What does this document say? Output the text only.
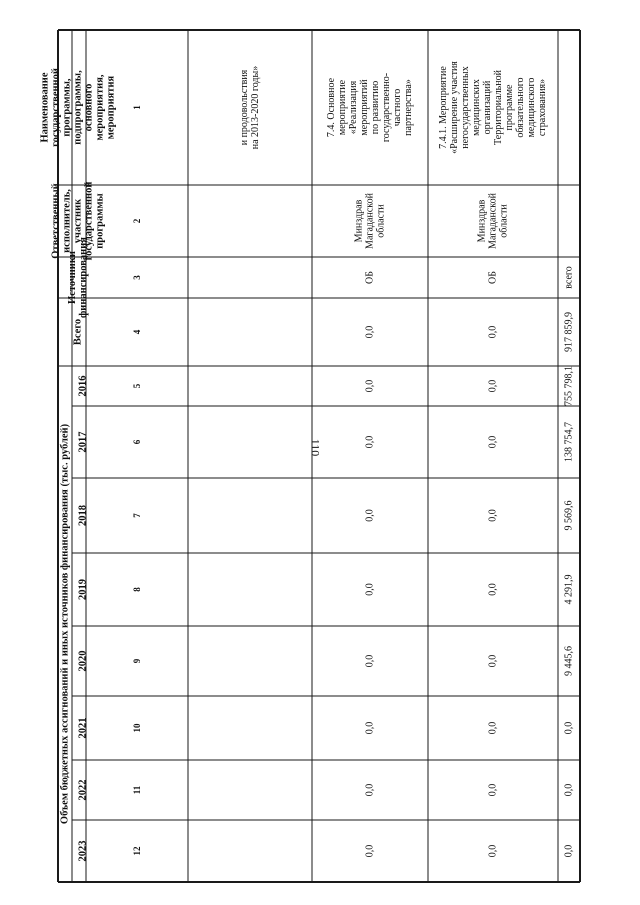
110
Наименование государственной программы, подпрограммы, основного мероприятия, мероприятия
Ответственный исполнитель, участник государственной программы
Источники финансирования
Всего
Объем бюджетных ассигнований и иных источников финансирования (тыс. рублей)
2016
2017
2018
2019
2020
2021
2022
2023
1
2
3
4
5
6
7
8
9
10
11
12
и продовольствия на 2013-2020 годы»	7.4. Основное мероприятие «Реализация мероприятий по развитию государственно- частного партнерства»
Минздрав Магаданской области
ОБ
0,0
0,0
0,0
0,0
0,0
0,0
0,0
0,0
0,0
7.4.1. Мероприятие «Расширение участия негосударственных медицинских организаций Территориальной программе обязательного медицинского страхования»
Минздрав Магаданской области
ОБ
0,0
0,0
0,0
0,0
0,0
0,0
0,0
0,0
0,0
всего
917 859,9
755 798,1
138 754,7
9 569,6
4 291,9
9 445,6
0,0
0,0
0,0
